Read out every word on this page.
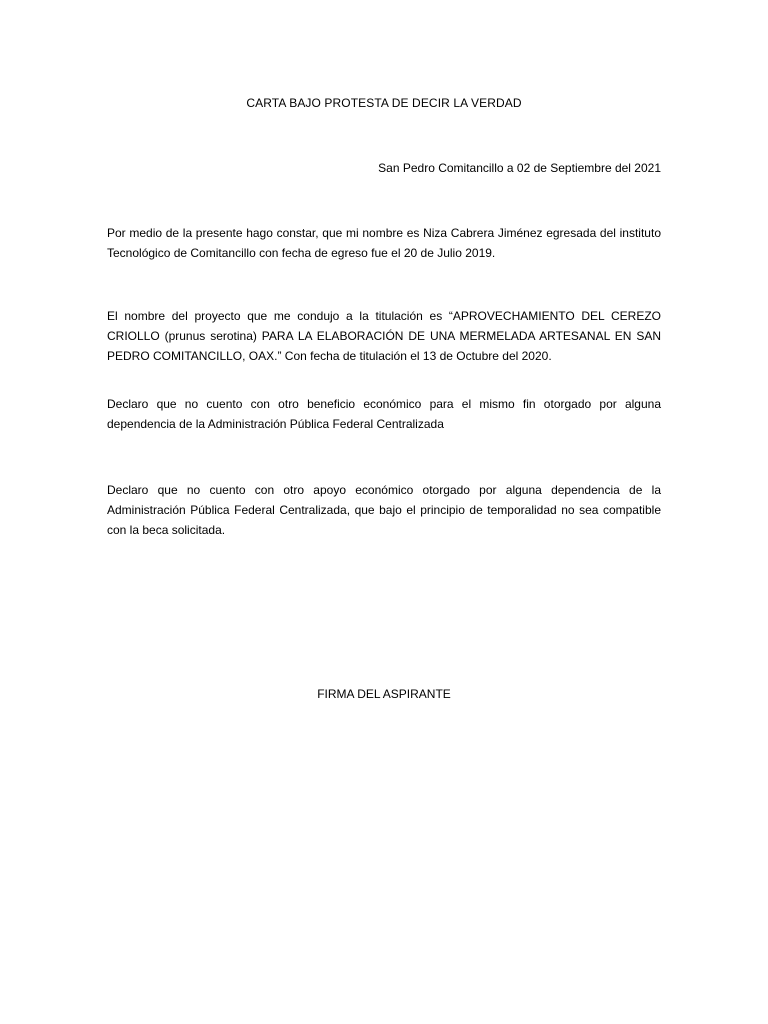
CARTA BAJO PROTESTA DE DECIR LA VERDAD
San Pedro Comitancillo a 02 de Septiembre del 2021

Por medio de la presente hago constar, que mi nombre es Niza Cabrera Jiménez egresada del instituto Tecnológico de Comitancillo con fecha de egreso fue el 20 de Julio 2019.

El nombre del proyecto que me condujo a la titulación es “APROVECHAMIENTO DEL CEREZO CRIOLLO (prunus serotina) PARA LA ELABORACIÓN DE UNA MERMELADA ARTESANAL EN SAN PEDRO COMITANCILLO, OAX.” Con fecha de titulación el 13 de Octubre del 2020.

Declaro que no cuento con otro beneficio económico para el mismo fin otorgado por alguna dependencia de la Administración Pública Federal Centralizada

Declaro que no cuento con otro apoyo económico otorgado por alguna dependencia de la Administración Pública Federal Centralizada, que bajo el principio de temporalidad no sea compatible con la beca solicitada.

FIRMA DEL ASPIRANTE
